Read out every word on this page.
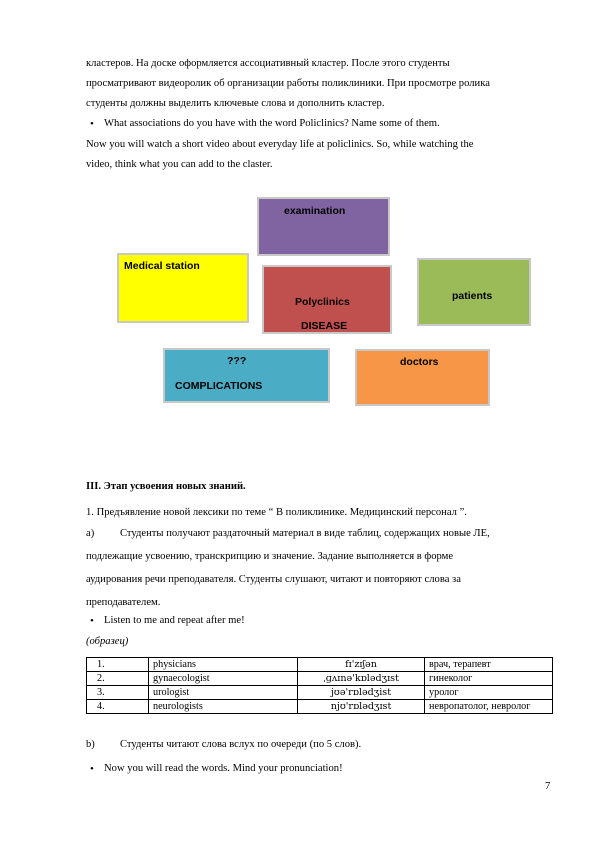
кластеров. На доске оформляется ассоциативный кластер. После этого студенты

просматривают видеоролик об организации работы поликлиники. При просмотре ролика

студенты должны выделить ключевые слова и дополнить кластер.

• What associations do you have with the word Policlinics? Name some of them.

Now you will watch a short video about everyday life at policlinics. So, while watching the

video, think what you can add to the claster.

examination
Medical station
patients
Polyclinics
DISEASE
???
COMPLICATIONS
doctors

III. Этап усвоения новых знаний.

1. Предъявление новой лексики по теме “ В поликлинике. Медицинский персонал ”.

a) Студенты получают раздаточный материал в виде таблиц, содержащих новые ЛЕ,
подлежащие усвоению, транскрипцию и значение. Задание выполняется в форме
аудирования речи преподавателя. Студенты слушают, читают и повторяют слова за
преподавателем.

• Listen to me and repeat after me!

(образец)

1.	physicians	fɪ'zɪʃən	врач, терапевт
2.	gynaecologist	ˌɡʌɪnə'kɒlədʒɪst	гинеколог
3.	urologist	jʊə'rɒlədʒist	уролог
4.	neurologists	njʊ'rɒlədʒɪst	невропатолог, невролог

b) Студенты читают слова вслух по очереди (по 5 слов).

• Now you will read the words. Mind your pronunciation!

7
